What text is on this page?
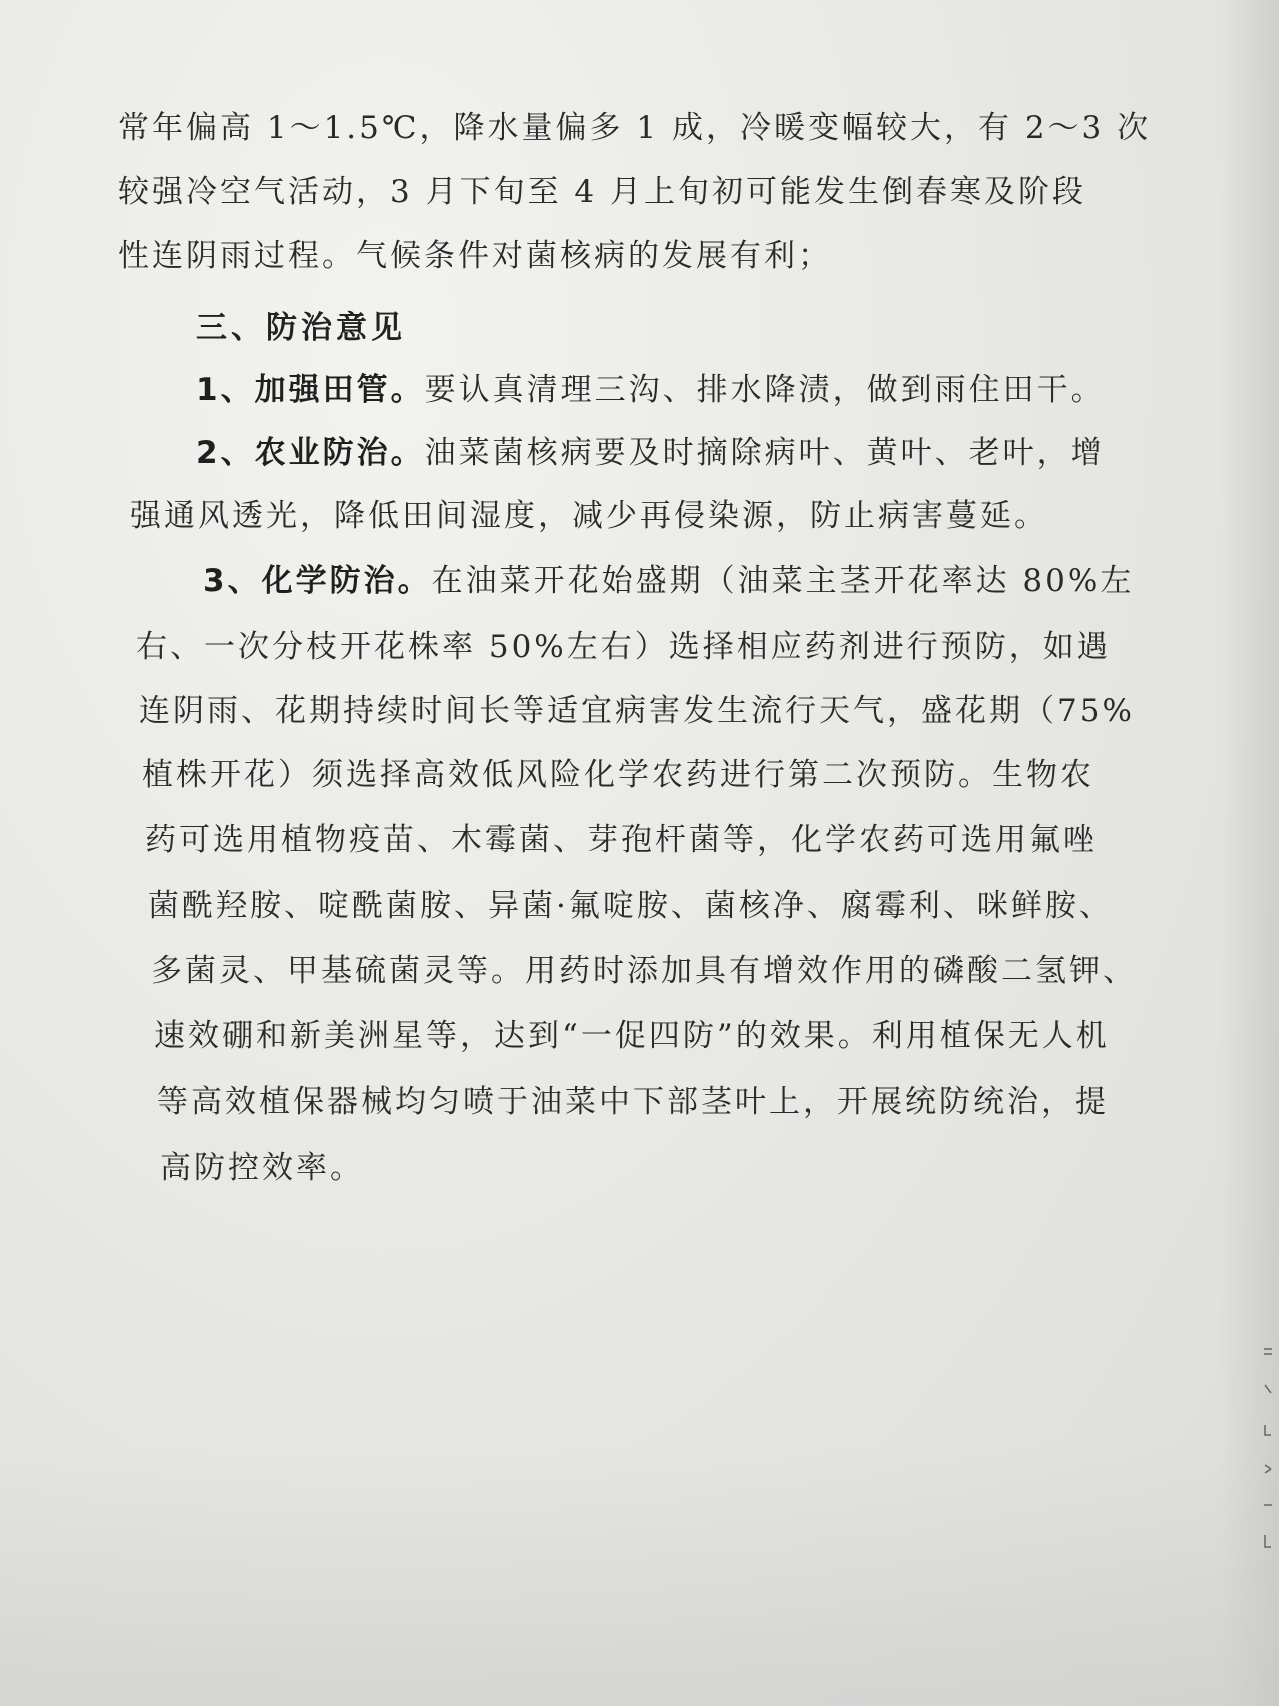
常年偏高 1～1.5℃，降水量偏多 1 成，冷暖变幅较大，有 2～3 次

较强冷空气活动，3 月下旬至 4 月上旬初可能发生倒春寒及阶段

性连阴雨过程。气候条件对菌核病的发展有利；

三、防治意见

1、加强田管。要认真清理三沟、排水降渍，做到雨住田干。

2、农业防治。油菜菌核病要及时摘除病叶、黄叶、老叶，增

强通风透光，降低田间湿度，减少再侵染源，防止病害蔓延。

3、化学防治。在油菜开花始盛期（油菜主茎开花率达 80%左

右、一次分枝开花株率 50%左右）选择相应药剂进行预防，如遇

连阴雨、花期持续时间长等适宜病害发生流行天气，盛花期（75%

植株开花）须选择高效低风险化学农药进行第二次预防。生物农

药可选用植物疫苗、木霉菌、芽孢杆菌等，化学农药可选用氟唑

菌酰羟胺、啶酰菌胺、异菌·氟啶胺、菌核净、腐霉利、咪鲜胺、

多菌灵、甲基硫菌灵等。用药时添加具有增效作用的磷酸二氢钾、

速效硼和新美洲星等，达到“一促四防”的效果。利用植保无人机

等高效植保器械均匀喷于油菜中下部茎叶上，开展统防统治，提

高防控效率。
